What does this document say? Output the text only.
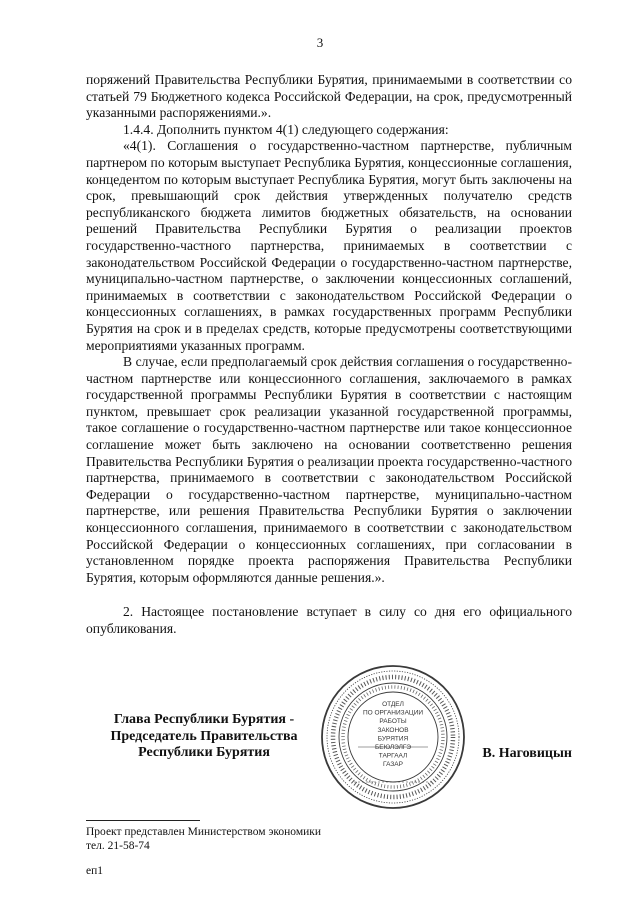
3

поряжений Правительства Республики Бурятия, принимаемыми в соответствии со статьей 79 Бюджетного кодекса Российской Федерации, на срок, предусмотренный указанными распоряжениями.».

1.4.4. Дополнить пунктом 4(1) следующего содержания:

«4(1). Соглашения о государственно-частном партнерстве, публичным партнером по которым выступает Республика Бурятия, концессионные соглашения, концедентом по которым выступает Республика Бурятия, могут быть заключены на срок, превышающий срок действия утвержденных получателю средств республиканского бюджета лимитов бюджетных обязательств, на основании решений Правительства Республики Бурятия о реализации проектов государственно-частного партнерства, принимаемых в соответствии с законодательством Российской Федерации о государственно-частном партнерстве, муниципально-частном партнерстве, о заключении концессионных соглашений, принимаемых в соответствии с законодательством Российской Федерации о концессионных соглашениях, в рамках государственных программ Республики Бурятия на срок и в пределах средств, которые предусмотрены соответствующими мероприятиями указанных программ.

В случае, если предполагаемый срок действия соглашения о государственно-частном партнерстве или концессионного соглашения, заключаемого в рамках государственной программы Республики Бурятия в соответствии с настоящим пунктом, превышает срок реализации указанной государственной программы, такое соглашение о государственно-частном партнерстве или такое концессионное соглашение может быть заключено на основании соответственно решения Правительства Республики Бурятия о реализации проекта государственно-частного партнерства, принимаемого в соответствии с законодательством Российской Федерации о государственно-частном партнерстве, муниципально-частном партнерстве, или решения Правительства Республики Бурятия о заключении концессионного соглашения, принимаемого в соответствии с законодательством Российской Федерации о концессионных соглашениях, при согласовании в установленном порядке проекта распоряжения Правительства Республики Бурятия, которым оформляются данные решения.».

2. Настоящее постановление вступает в силу со дня его официального опубликования.

ОТДЕЛ
ПО ОРГАНИЗАЦИИ
РАБОТЫ
ЗАКОНОВ
БУРЯТИЯ
БЕЮЛЭЛГЭ
ТАРГААЛ
ГАЗАР
Глава Республики Бурятия -
Председатель Правительства
Республики Бурятия	В. Наговицын
Проект представлен Министерством экономики
тел. 21-58-74
еп1
